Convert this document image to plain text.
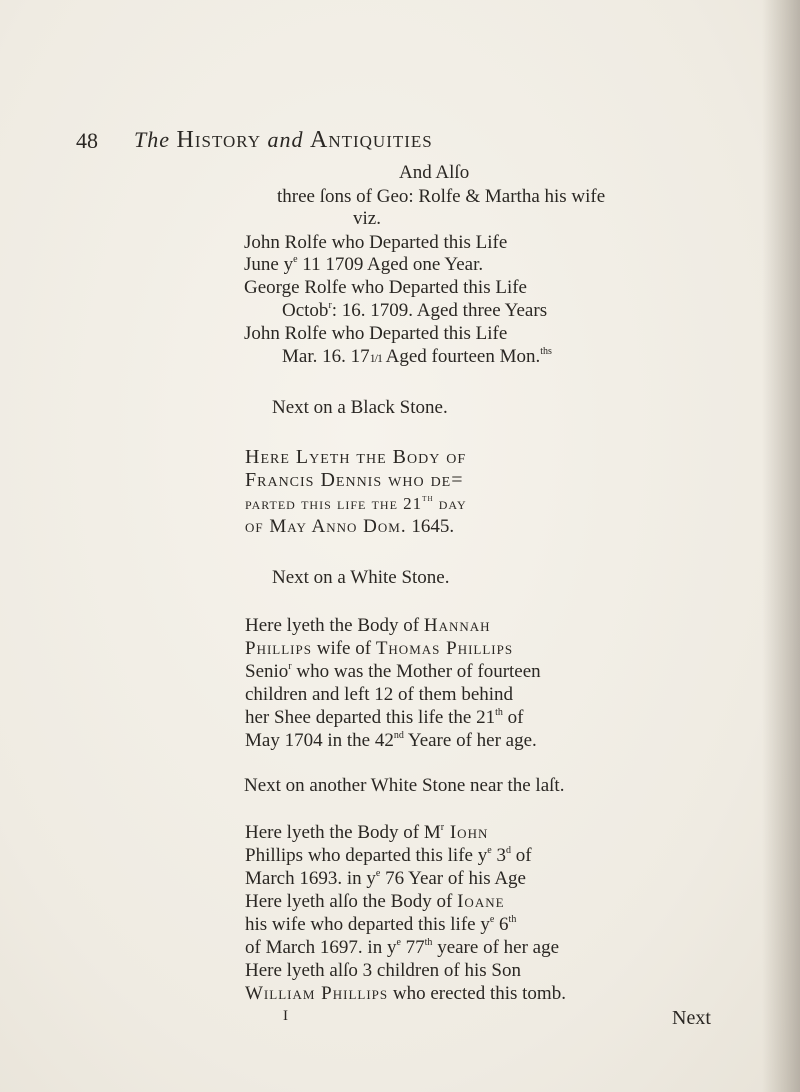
48 The History and Antiquities
And Alſo
three ſons of Geo: Rolfe & Martha his wife
viz.
John Rolfe who Departed this Life
June $y^e$ 11 1709 Aged one Year.
George Rolfe who Departed this Life
Octob$^r$: 16. 1709. Aged three Years
John Rolfe who Departed this Life
Mar. 16. 171/1 Aged fourteen Mon.$^{ths}$
Next on a Black Stone.
Here Lyeth the Body of
Francis Dennis who de=
parted this life the 21th day
of May Anno Dom. 1645.
Next on a White Stone.
Here lyeth the Body of Hannah
Phillips wife of Thomas Phillips
Senio$^r$ who was the Mother of fourteen
children and left 12 of them behind
her Shee departed this life the 21th of
May 1704 in the 42nd Yeare of her age.
Next on another White Stone near the laſt.
Here lyeth the Body of $M^r$ Iohn
Phillips who departed this life $y^e$ 3$^d$ of
March 1693. in $y^e$ 76 Year of his Age
Here lyeth alſo the Body of Ioane
his wife who departed this life $y^e$ 6th
of March 1697. in $y^e$ 77th yeare of her age
Here lyeth alſo 3 children of his Son
William Phillips who erected this tomb.
I	Next
